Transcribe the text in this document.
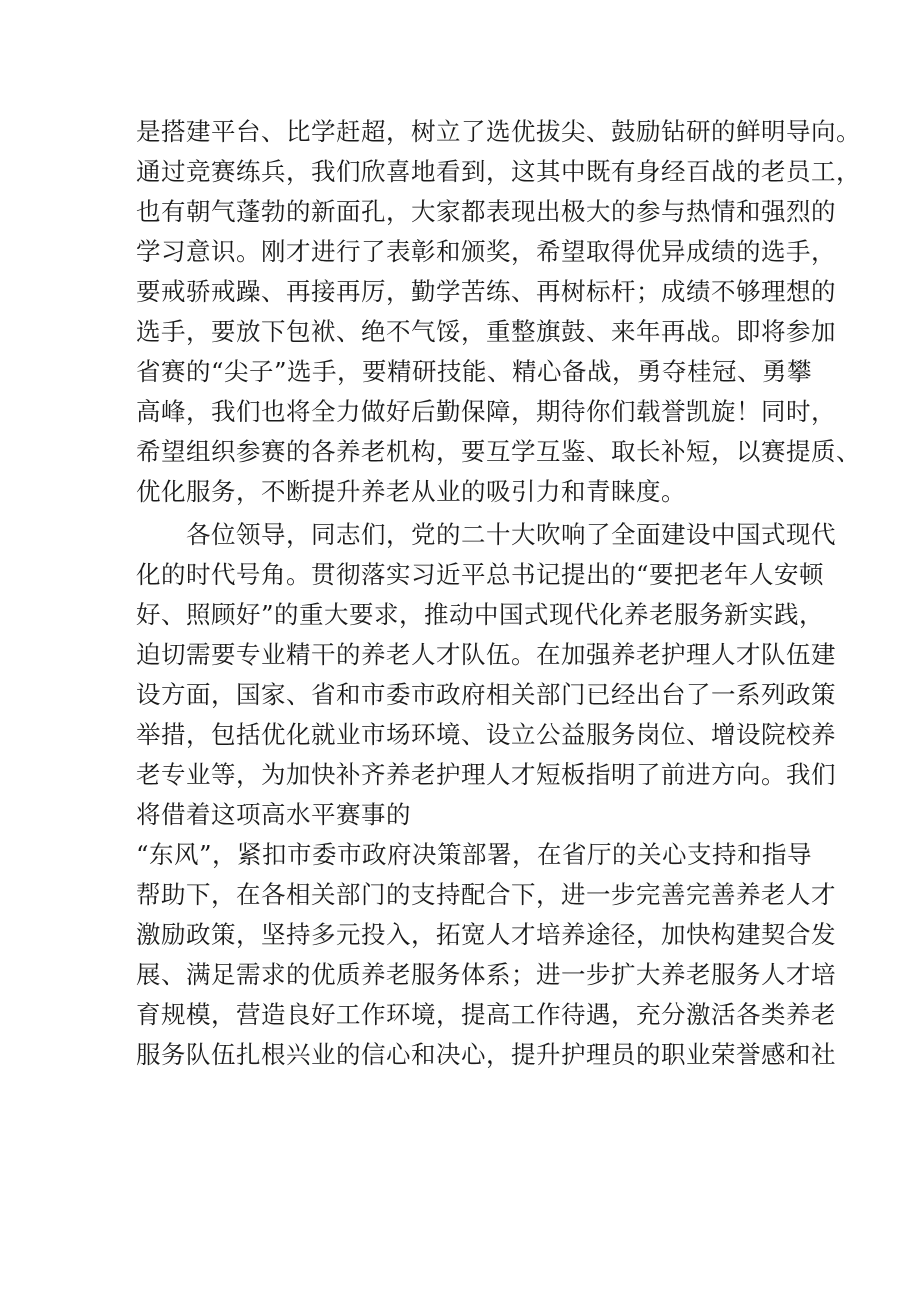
是搭建平台、比学赶超，树立了选优拔尖、鼓励钻研的鲜明导向。
通过竞赛练兵，我们欣喜地看到，这其中既有身经百战的老员工，
也有朝气蓬勃的新面孔，大家都表现出极大的参与热情和强烈的
学习意识。刚才进行了表彰和颁奖，希望取得优异成绩的选手，
要戒骄戒躁、再接再厉，勤学苦练、再树标杆；成绩不够理想的
选手，要放下包袱、绝不气馁，重整旗鼓、来年再战。即将参加
省赛的“尖子”选手，要精研技能、精心备战，勇夺桂冠、勇攀
高峰，我们也将全力做好后勤保障，期待你们载誉凯旋！同时，
希望组织参赛的各养老机构，要互学互鉴、取长补短，以赛提质、
优化服务，不断提升养老从业的吸引力和青睐度。
各位领导，同志们，党的二十大吹响了全面建设中国式现代
化的时代号角。贯彻落实习近平总书记提出的“要把老年人安顿
好、照顾好”的重大要求，推动中国式现代化养老服务新实践，
迫切需要专业精干的养老人才队伍。在加强养老护理人才队伍建
设方面，国家、省和市委市政府相关部门已经出台了一系列政策
举措，包括优化就业市场环境、设立公益服务岗位、增设院校养
老专业等，为加快补齐养老护理人才短板指明了前进方向。我们
将借着这项高水平赛事的
“东风”，紧扣市委市政府决策部署，在省厅的关心支持和指导
帮助下，在各相关部门的支持配合下，进一步完善完善养老人才
激励政策，坚持多元投入，拓宽人才培养途径，加快构建契合发
展、满足需求的优质养老服务体系；进一步扩大养老服务人才培
育规模，营造良好工作环境，提高工作待遇，充分激活各类养老
服务队伍扎根兴业的信心和决心，提升护理员的职业荣誉感和社
